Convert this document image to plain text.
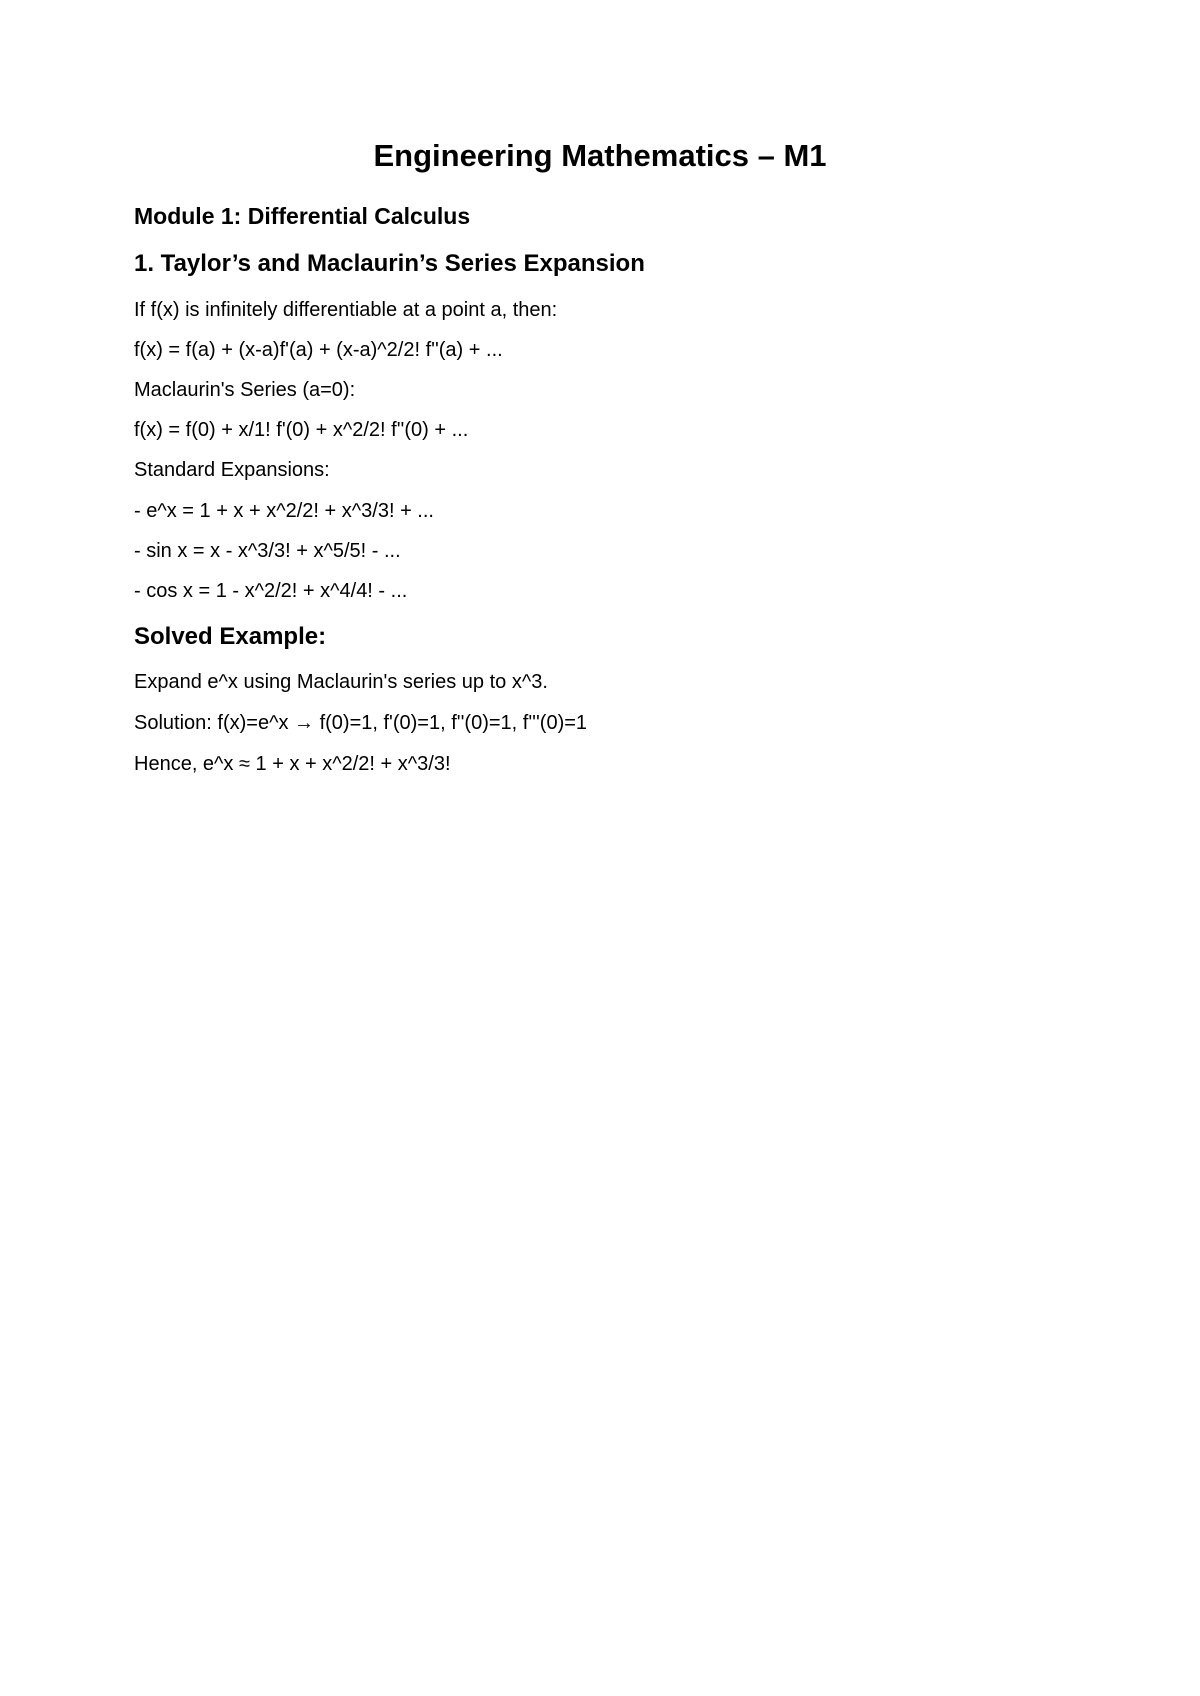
Engineering Mathematics – M1
Module 1: Differential Calculus
1. Taylor’s and Maclaurin’s Series Expansion

If f(x) is infinitely differentiable at a point a, then:

f(x) = f(a) + (x-a)f'(a) + (x-a)^2/2! f''(a) + ...

Maclaurin's Series (a=0):

f(x) = f(0) + x/1! f'(0) + x^2/2! f''(0) + ...

Standard Expansions:

- e^x = 1 + x + x^2/2! + x^3/3! + ...

- sin x = x - x^3/3! + x^5/5! - ...

- cos x = 1 - x^2/2! + x^4/4! - ...

Solved Example:

Expand e^x using Maclaurin's series up to x^3.

Solution: f(x)=e^x → f(0)=1, f'(0)=1, f''(0)=1, f'''(0)=1

Hence, e^x ≈ 1 + x + x^2/2! + x^3/3!
